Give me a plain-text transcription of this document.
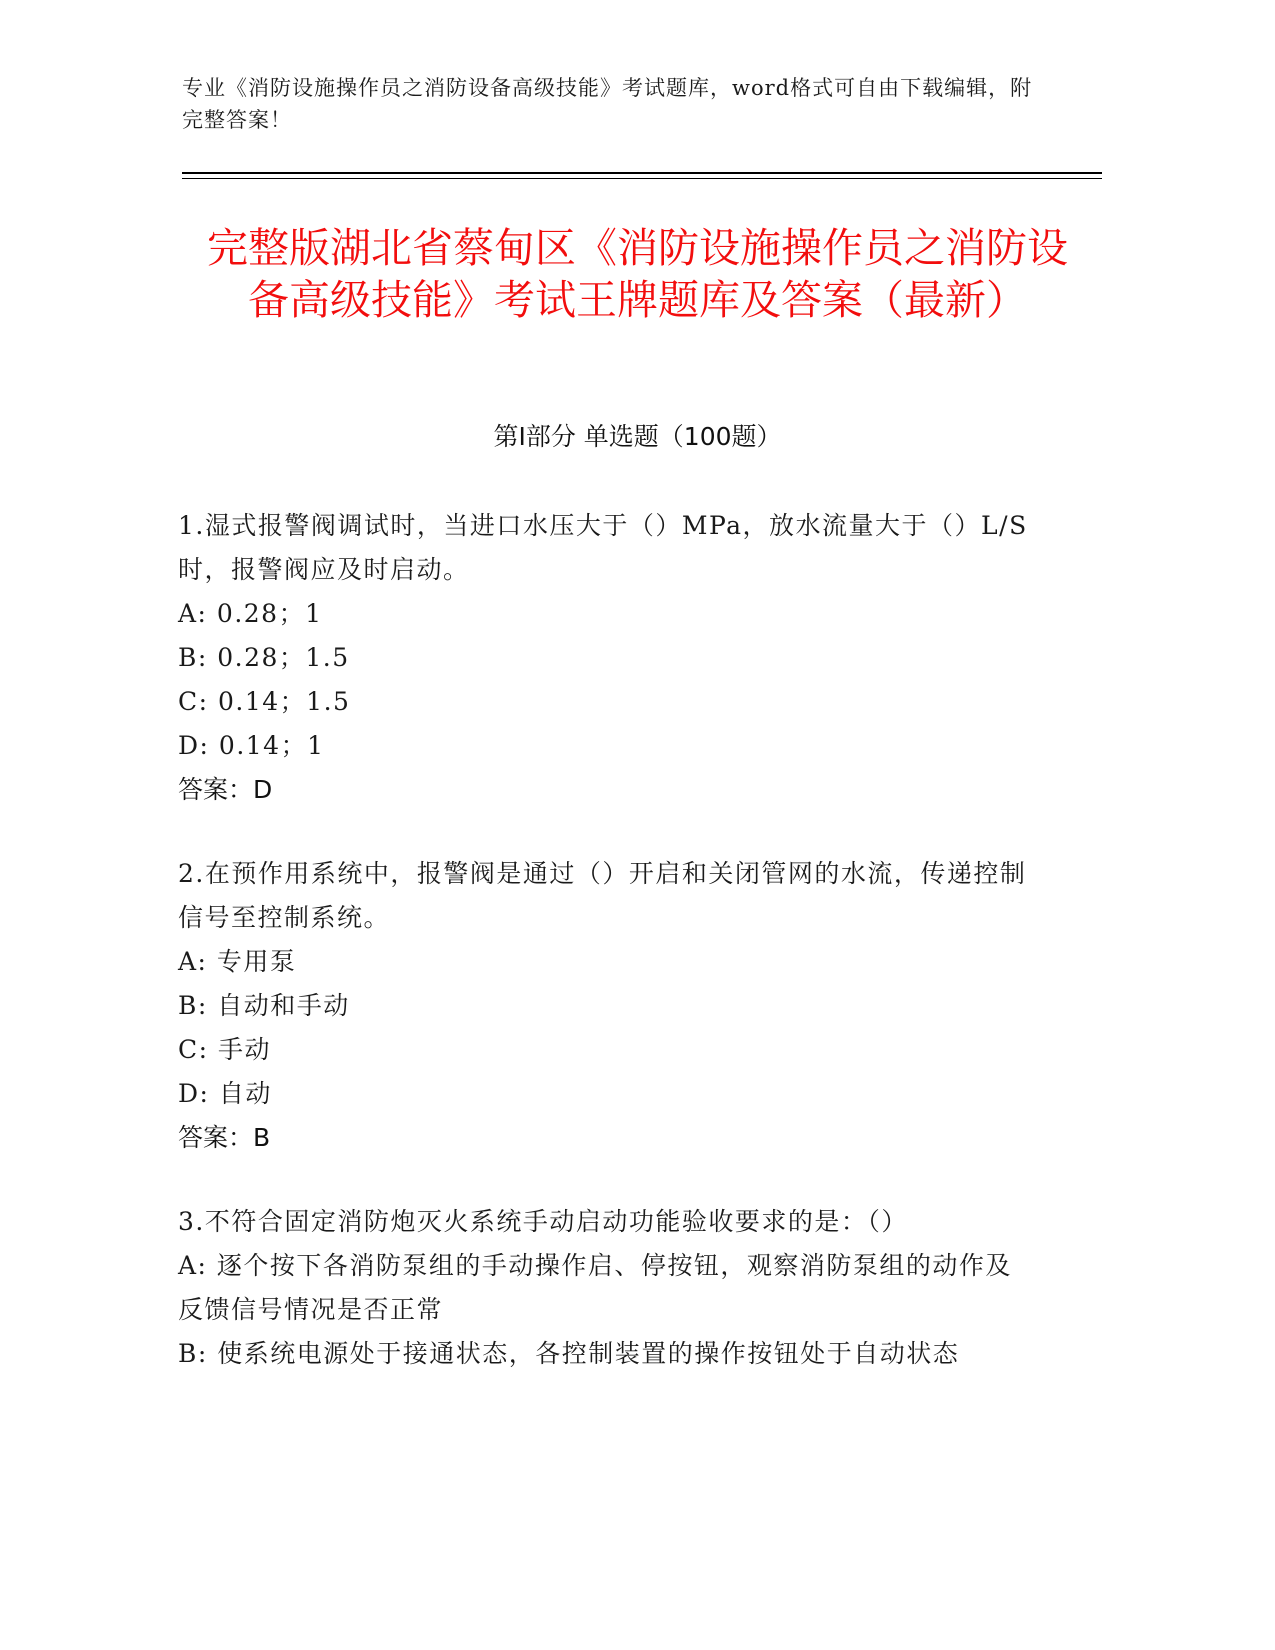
专业《消防设施操作员之消防设备高级技能》考试题库，word格式可自由下载编辑，附完整答案！
完整版湖北省蔡甸区《消防设施操作员之消防设备高级技能》考试王牌题库及答案（最新）
第I部分 单选题（100题）
1.湿式报警阀调试时，当进口水压大于（）MPa，放水流量大于（）L/S时，报警阀应及时启动。
A: 0.28；1
B: 0.28；1.5
C: 0.14；1.5
D: 0.14；1
答案：D
2.在预作用系统中，报警阀是通过（）开启和关闭管网的水流，传递控制信号至控制系统。
A: 专用泵
B: 自动和手动
C: 手动
D: 自动
答案：B
3.不符合固定消防炮灭火系统手动启动功能验收要求的是：（）
A: 逐个按下各消防泵组的手动操作启、停按钮，观察消防泵组的动作及反馈信号情况是否正常
B: 使系统电源处于接通状态，各控制装置的操作按钮处于自动状态
